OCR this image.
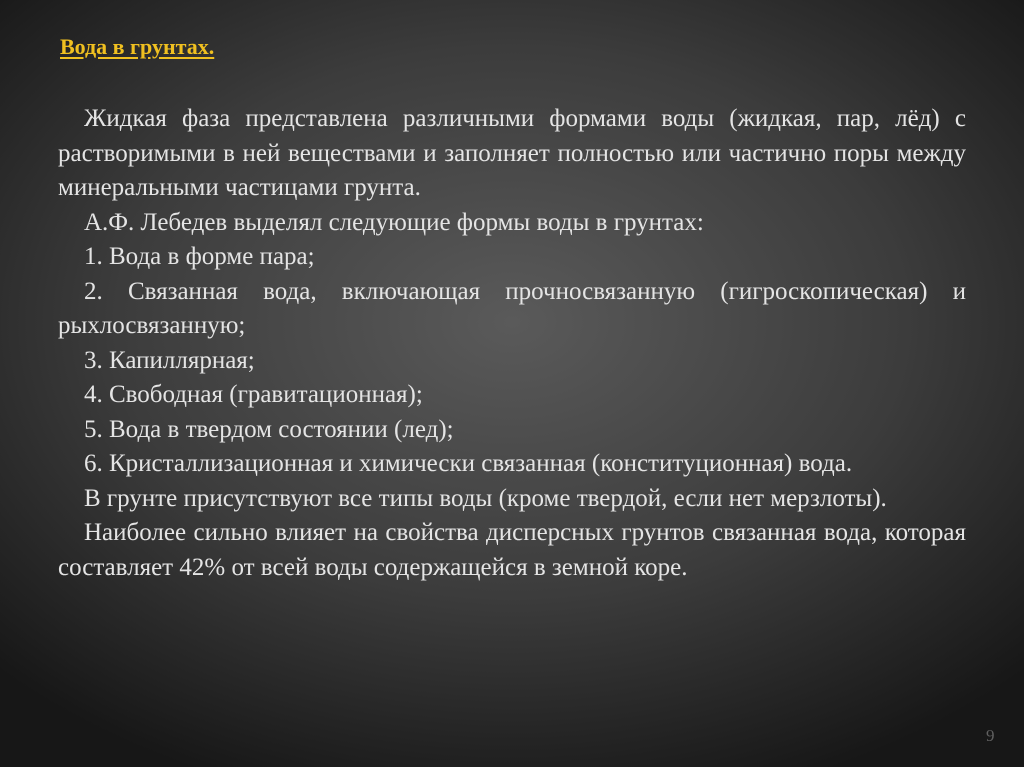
Вода в грунтах.

Жидкая фаза представлена различными формами воды (жидкая, пар, лёд) с растворимыми в ней веществами и заполняет полностью или частично поры между минеральными частицами грунта.

А.Ф. Лебедев выделял следующие формы воды в грунтах:

1. Вода в форме пара;

2. Связанная вода, включающая прочносвязанную (гигроскопическая) и рыхлосвязанную;

3. Капиллярная;

4. Свободная (гравитационная);

5. Вода в твердом состоянии (лед);

6. Кристаллизационная и химически связанная (конституционная) вода.

В грунте присутствуют все типы воды (кроме твердой, если нет мерзлоты).

Наиболее сильно влияет на свойства дисперсных грунтов связанная вода, которая составляет 42% от всей воды содержащейся в земной коре.

9
